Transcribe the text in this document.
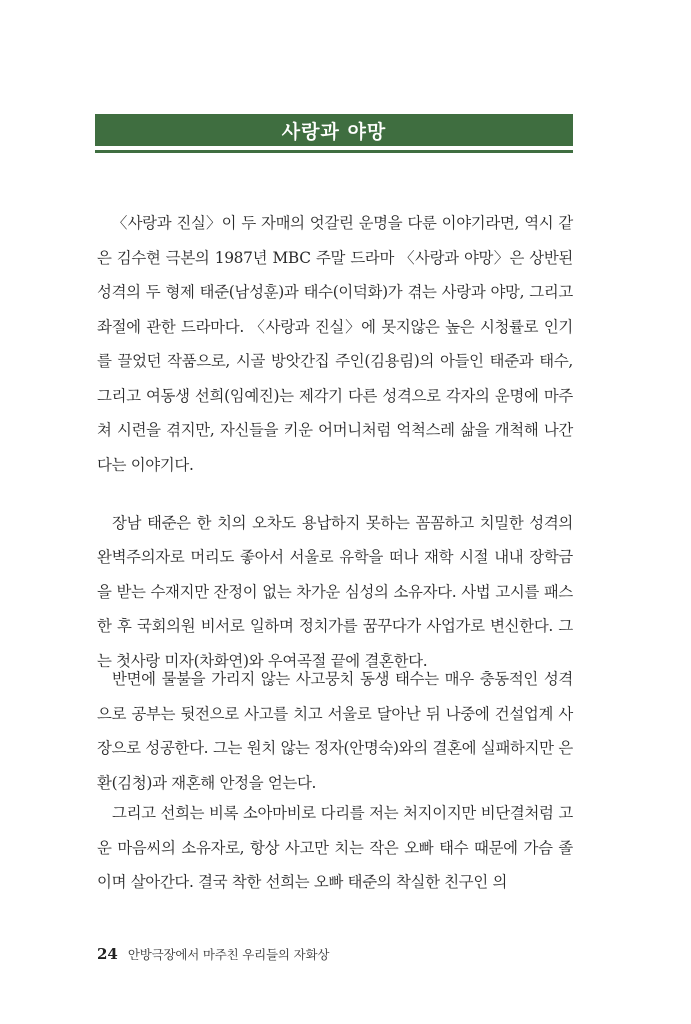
사랑과 야망

〈사랑과 진실〉이 두 자매의 엇갈린 운명을 다룬 이야기라면, 역시 같은 김수현 극본의 1987년 MBC 주말 드라마 〈사랑과 야망〉은 상반된 성격의 두 형제 태준(남성훈)과 태수(이덕화)가 겪는 사랑과 야망, 그리고 좌절에 관한 드라마다. 〈사랑과 진실〉에 못지않은 높은 시청률로 인기를 끌었던 작품으로, 시골 방앗간집 주인(김용림)의 아들인 태준과 태수, 그리고 여동생 선희(임예진)는 제각기 다른 성격으로 각자의 운명에 마주쳐 시련을 겪지만, 자신들을 키운 어머니처럼 억척스레 삶을 개척해 나간다는 이야기다.

장남 태준은 한 치의 오차도 용납하지 못하는 꼼꼼하고 치밀한 성격의 완벽주의자로 머리도 좋아서 서울로 유학을 떠나 재학 시절 내내 장학금을 받는 수재지만 잔정이 없는 차가운 심성의 소유자다. 사법 고시를 패스한 후 국회의원 비서로 일하며 정치가를 꿈꾸다가 사업가로 변신한다. 그는 첫사랑 미자(차화연)와 우여곡절 끝에 결혼한다.

반면에 물불을 가리지 않는 사고뭉치 동생 태수는 매우 충동적인 성격으로 공부는 뒷전으로 사고를 치고 서울로 달아난 뒤 나중에 건설업계 사장으로 성공한다. 그는 원치 않는 정자(안명숙)와의 결혼에 실패하지만 은환(김청)과 재혼해 안정을 얻는다.

그리고 선희는 비록 소아마비로 다리를 저는 처지이지만 비단결처럼 고운 마음씨의 소유자로, 항상 사고만 치는 작은 오빠 태수 때문에 가슴 졸이며 살아간다. 결국 착한 선희는 오빠 태준의 착실한 친구인 의

24 안방극장에서 마주친 우리들의 자화상
